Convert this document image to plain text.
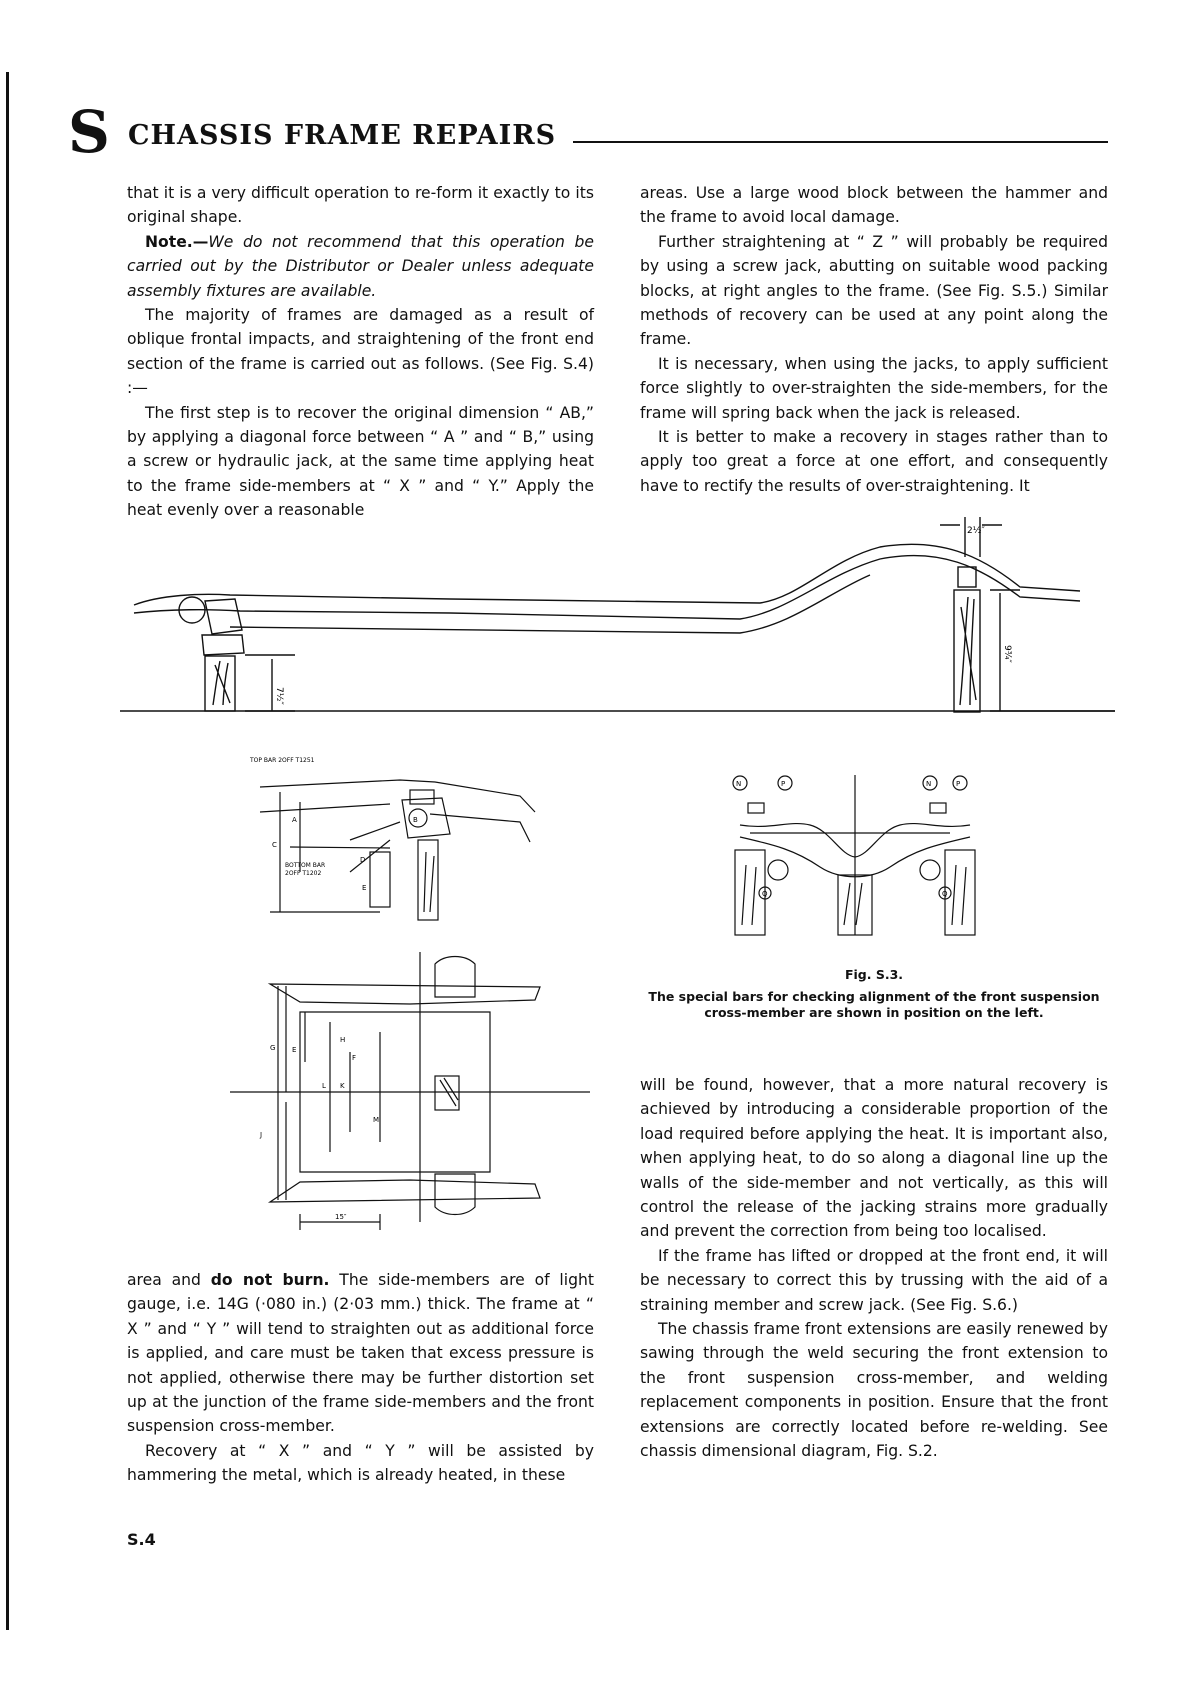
S CHASSIS FRAME REPAIRS

that it is a very difficult operation to re-form it exactly to its original shape.

Note.—We do not recommend that this operation be carried out by the Distributor or Dealer unless adequate assembly fixtures are available.

The majority of frames are damaged as a result of oblique frontal impacts, and straightening of the front end section of the frame is carried out as follows. (See Fig. S.4) :—

The first step is to recover the original dimension “ AB,” by applying a diagonal force between “ A ” and “ B,” using a screw or hydraulic jack, at the same time applying heat to the frame side-members at “ X ” and “ Y.” Apply the heat evenly over a reasonable

areas. Use a large wood block between the hammer and the frame to avoid local damage.

Further straightening at “ Z ” will probably be required by using a screw jack, abutting on suitable wood packing blocks, at right angles to the frame. (See Fig. S.5.) Similar methods of recovery can be used at any point along the frame.

It is necessary, when using the jacks, to apply sufficient force slightly to over-straighten the side-members, for the frame will spring back when the jack is released.

It is better to make a recovery in stages rather than to apply too great a force at one effort, and consequently have to rectify the results of over-straightening. It

7½″
9¾″
2½″
TOP BAR 2OFF T1251
BOTTOM BAR
2OFF T1202
A	B
C
D
E
G E
H
F
L K
J
M
15″
N	P
Q
N	P
Q
Fig. S.3.
The special bars for checking alignment of the front suspension cross-member are shown in position on the left.

area and do not burn. The side-members are of light gauge, i.e. 14G (·080 in.) (2·03 mm.) thick. The frame at “ X ” and “ Y ” will tend to straighten out as additional force is applied, and care must be taken that excess pressure is not applied, otherwise there may be further distortion set up at the junction of the frame side-members and the front suspension cross-member.

Recovery at “ X ” and “ Y ” will be assisted by hammering the metal, which is already heated, in these

will be found, however, that a more natural recovery is achieved by introducing a considerable proportion of the load required before applying the heat. It is important also, when applying heat, to do so along a diagonal line up the walls of the side-member and not vertically, as this will control the release of the jacking strains more gradually and prevent the correction from being too localised.

If the frame has lifted or dropped at the front end, it will be necessary to correct this by trussing with the aid of a straining member and screw jack. (See Fig. S.6.)

The chassis frame front extensions are easily renewed by sawing through the weld securing the front extension to the front suspension cross-member, and welding replacement components in position. Ensure that the front extensions are correctly located before re-welding. See chassis dimensional diagram, Fig. S.2.

S.4
